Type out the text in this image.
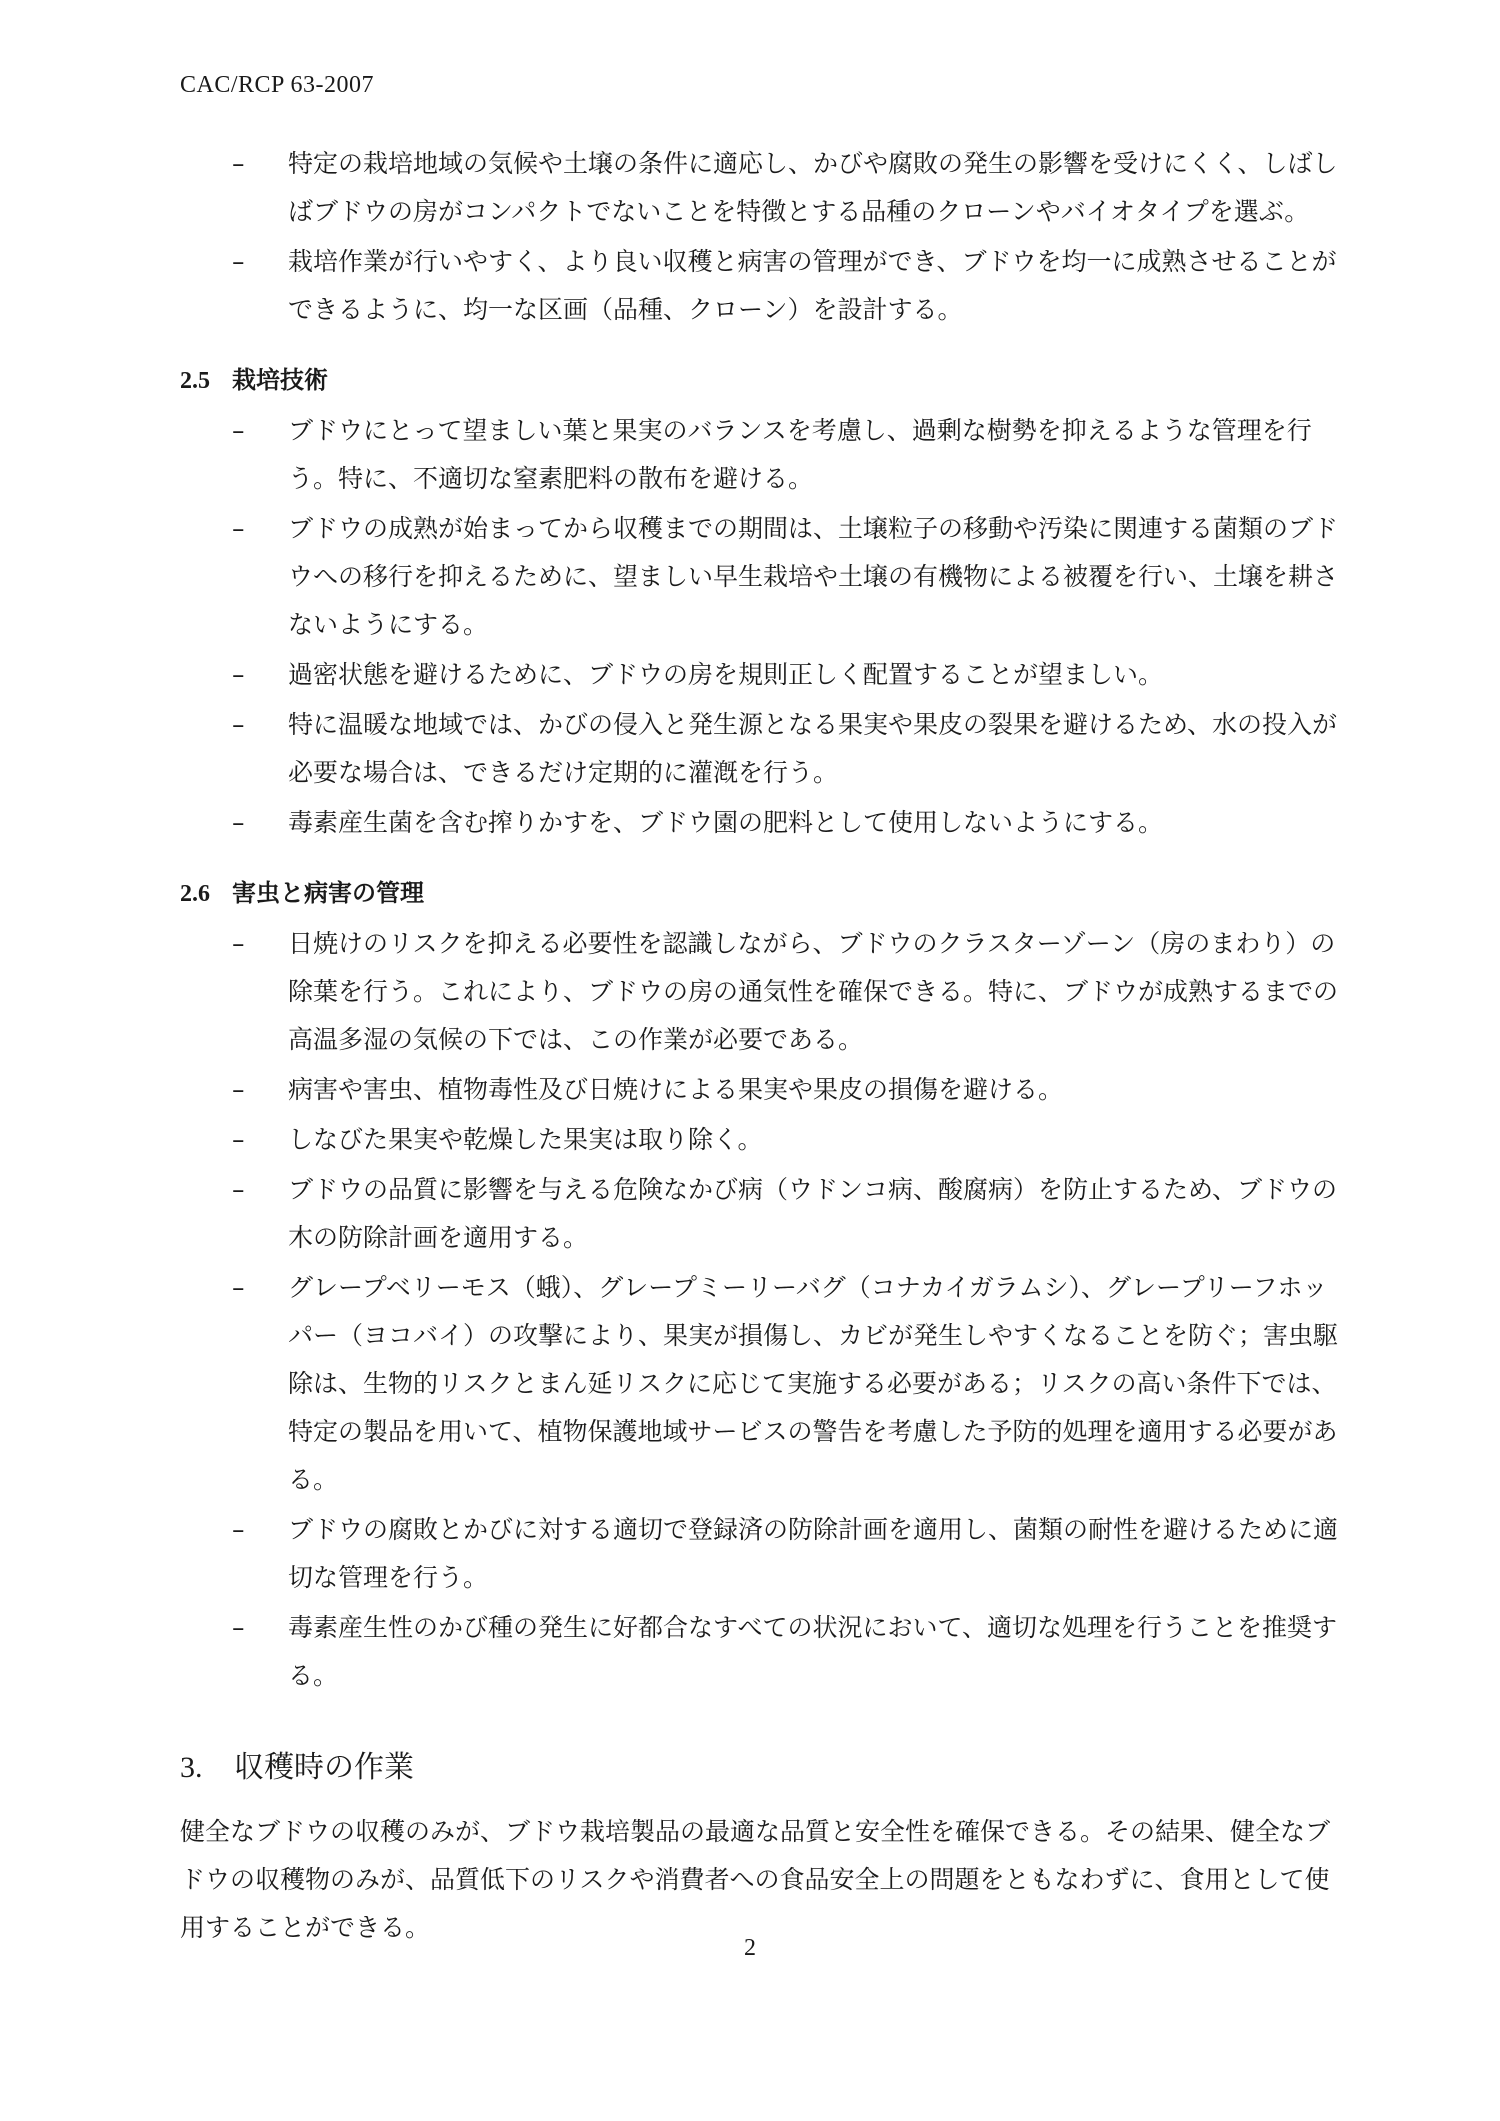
CAC/RCP 63-2007
– 特定の栽培地域の気候や土壌の条件に適応し、かびや腐敗の発生の影響を受けにくく、しばしばブドウの房がコンパクトでないことを特徴とする品種のクローンやバイオタイプを選ぶ。
– 栽培作業が行いやすく、より良い収穫と病害の管理ができ、ブドウを均一に成熟させることができるように、均一な区画（品種、クローン）を設計する。
2.5 栽培技術
– ブドウにとって望ましい葉と果実のバランスを考慮し、過剰な樹勢を抑えるような管理を行う。特に、不適切な窒素肥料の散布を避ける。
– ブドウの成熟が始まってから収穫までの期間は、土壌粒子の移動や汚染に関連する菌類のブドウへの移行を抑えるために、望ましい早生栽培や土壌の有機物による被覆を行い、土壌を耕さないようにする。
– 過密状態を避けるために、ブドウの房を規則正しく配置することが望ましい。
– 特に温暖な地域では、かびの侵入と発生源となる果実や果皮の裂果を避けるため、水の投入が必要な場合は、できるだけ定期的に灌漑を行う。
– 毒素産生菌を含む搾りかすを、ブドウ園の肥料として使用しないようにする。
2.6 害虫と病害の管理
– 日焼けのリスクを抑える必要性を認識しながら、ブドウのクラスターゾーン（房のまわり）の除葉を行う。これにより、ブドウの房の通気性を確保できる。特に、ブドウが成熟するまでの高温多湿の気候の下では、この作業が必要である。
– 病害や害虫、植物毒性及び日焼けによる果実や果皮の損傷を避ける。
– しなびた果実や乾燥した果実は取り除く。
– ブドウの品質に影響を与える危険なかび病（ウドンコ病、酸腐病）を防止するため、ブドウの木の防除計画を適用する。
– グレープベリーモス（蛾）、グレープミーリーバグ（コナカイガラムシ）、グレープリーフホッパー（ヨコバイ）の攻撃により、果実が損傷し、カビが発生しやすくなることを防ぐ；害虫駆除は、生物的リスクとまん延リスクに応じて実施する必要がある；リスクの高い条件下では、特定の製品を用いて、植物保護地域サービスの警告を考慮した予防的処理を適用する必要がある。
– ブドウの腐敗とかびに対する適切で登録済の防除計画を適用し、菌類の耐性を避けるために適切な管理を行う。
– 毒素産生性のかび種の発生に好都合なすべての状況において、適切な処理を行うことを推奨する。
3. 収穫時の作業

健全なブドウの収穫のみが、ブドウ栽培製品の最適な品質と安全性を確保できる。その結果、健全なブドウの収穫物のみが、品質低下のリスクや消費者への食品安全上の問題をともなわずに、食用として使用することができる。

2
